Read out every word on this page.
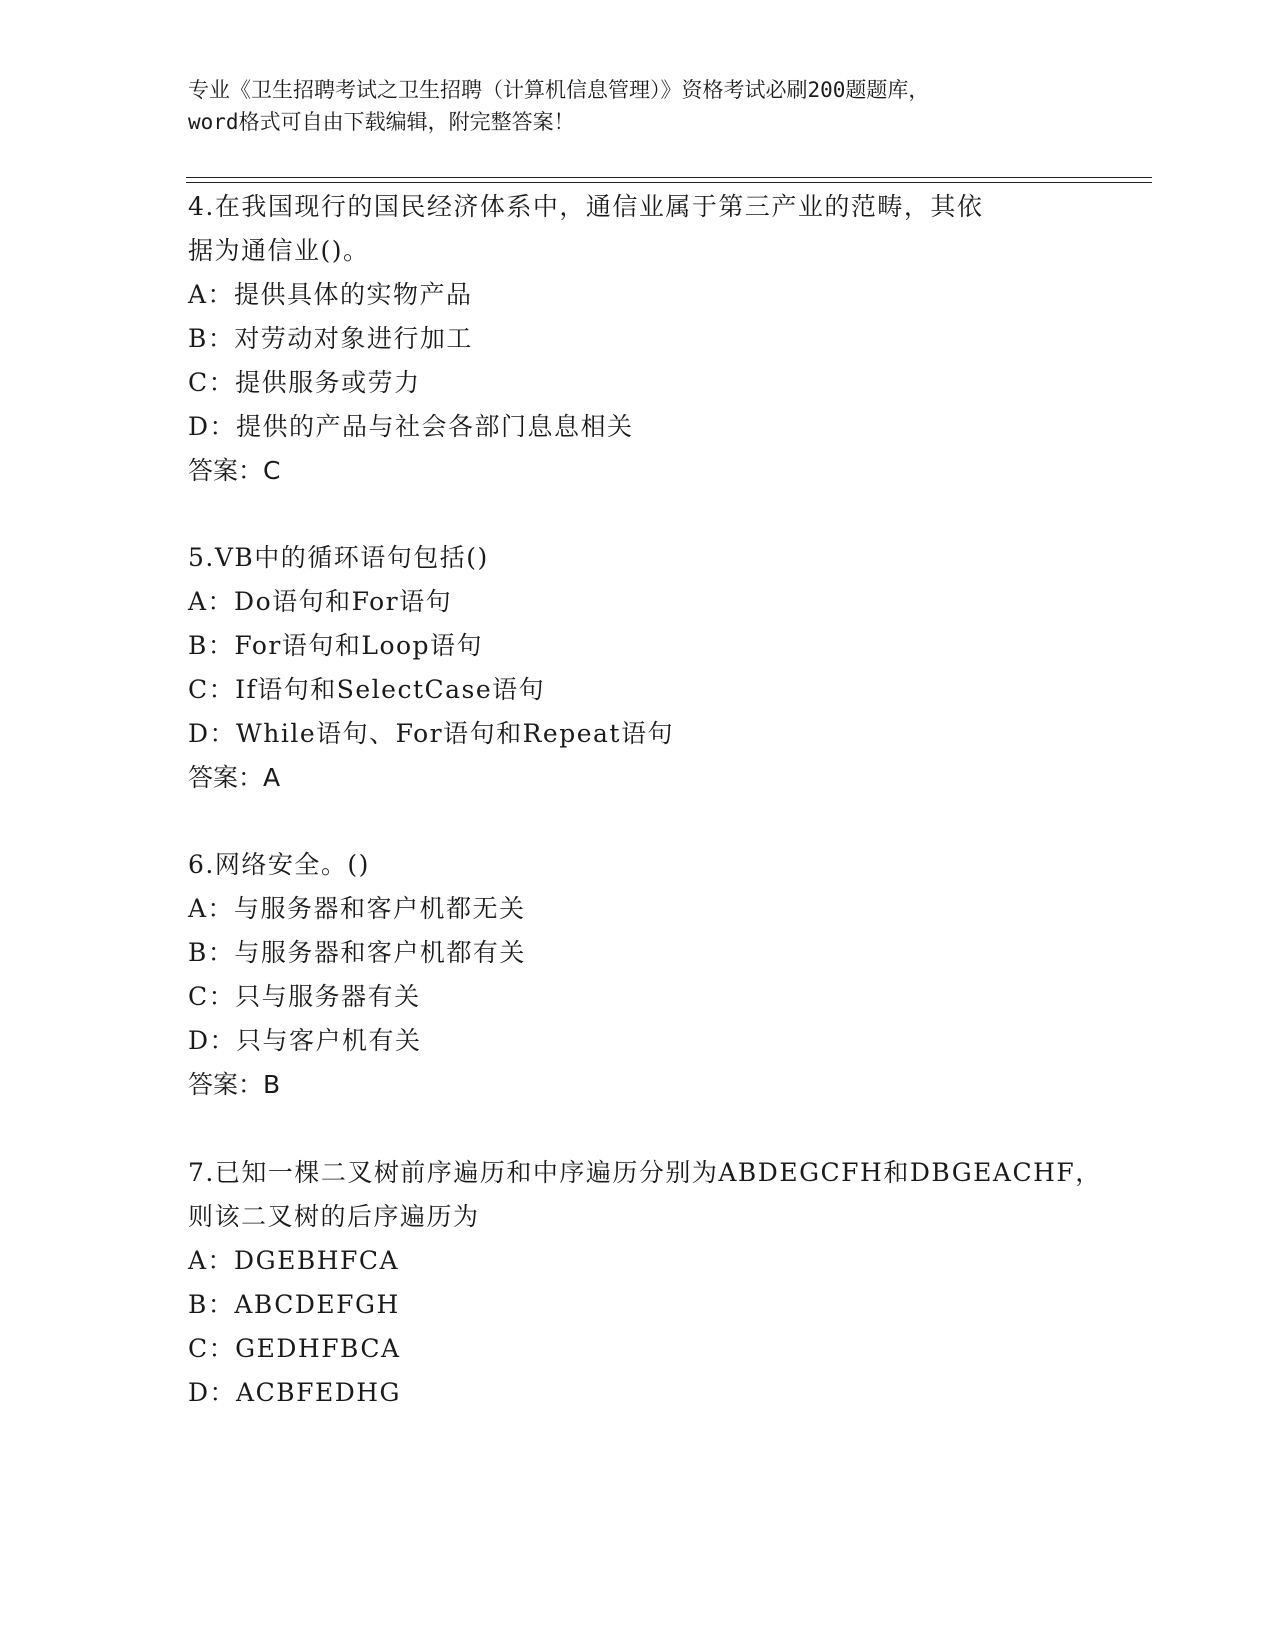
专业《卫生招聘考试之卫生招聘（计算机信息管理）》资格考试必刷200题题库，
word格式可自由下载编辑，附完整答案！
4.在我国现行的国民经济体系中，通信业属于第三产业的范畴，其依
据为通信业()。
A：提供具体的实物产品
B：对劳动对象进行加工
C：提供服务或劳力
D：提供的产品与社会各部门息息相关
答案：C
5.VB中的循环语句包括()
A：Do语句和For语句
B：For语句和Loop语句
C：If语句和SelectCase语句
D：While语句、For语句和Repeat语句
答案：A
6.网络安全。()
A：与服务器和客户机都无关
B：与服务器和客户机都有关
C：只与服务器有关
D：只与客户机有关
答案：B
7.已知一棵二叉树前序遍历和中序遍历分别为ABDEGCFH和DBGEACHF，
则该二叉树的后序遍历为
A：DGEBHFCA
B：ABCDEFGH
C：GEDHFBCA
D：ACBFEDHG
